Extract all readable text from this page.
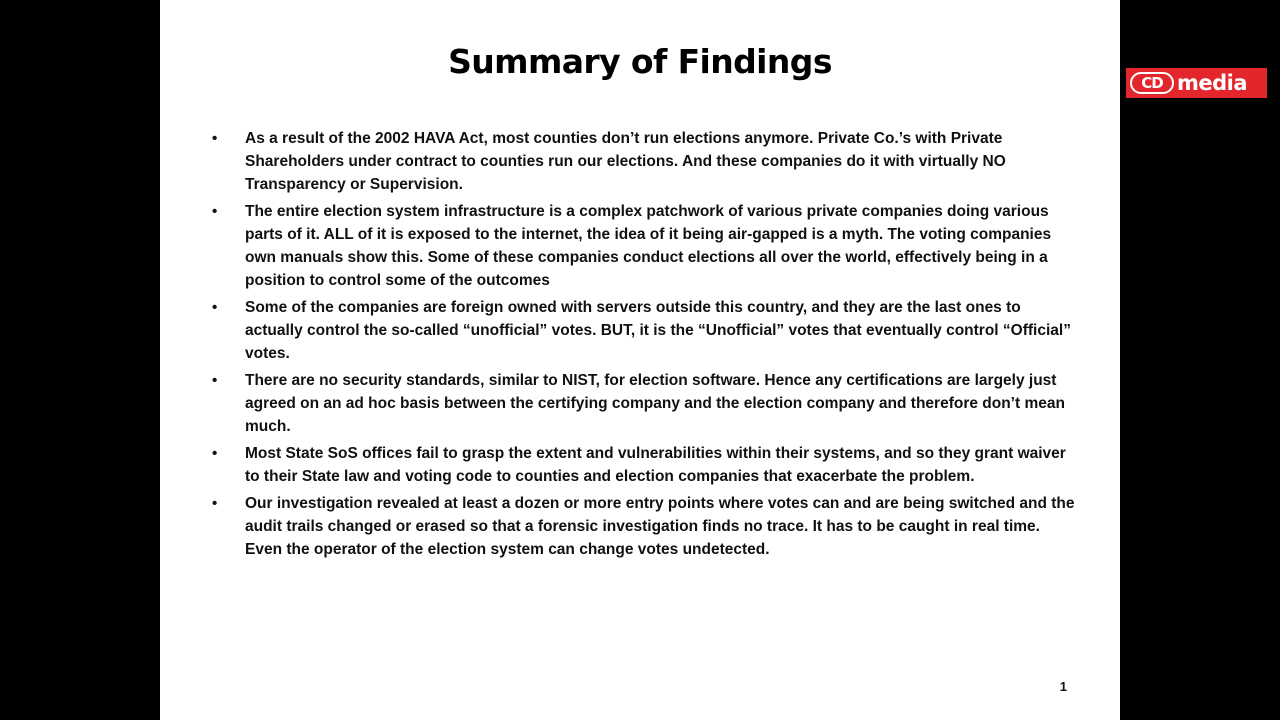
Summary of Findings
•	As a result of the 2002 HAVA Act, most counties don’t run elections anymore. Private Co.’s with Private Shareholders under contract to counties run our elections. And these companies do it with virtually NO Transparency or Supervision.
•	The entire election system infrastructure is a complex patchwork of various private companies doing various parts of it. ALL of it is exposed to the internet, the idea of it being air-gapped is a myth. The voting companies own manuals show this. Some of these companies conduct elections all over the world, effectively being in a position to control some of the outcomes
•	Some of the companies are foreign owned with servers outside this country, and they are the last ones to actually control the so-called “unofficial” votes. BUT, it is the “Unofficial” votes that eventually control “Official” votes.
•	There are no security standards, similar to NIST, for election software. Hence any certifications are largely just agreed on an ad hoc basis between the certifying company and the election company and therefore don’t mean much.
•	Most State SoS offices fail to grasp the extent and vulnerabilities within their systems, and so they grant waiver to their State law and voting code to counties and election companies that exacerbate the problem.
•	Our investigation revealed at least a dozen or more entry points where votes can and are being switched and the audit trails changed or erased so that a forensic investigation finds no trace. It has to be caught in real time. Even the operator of the election system can change votes undetected.
1
CD media
